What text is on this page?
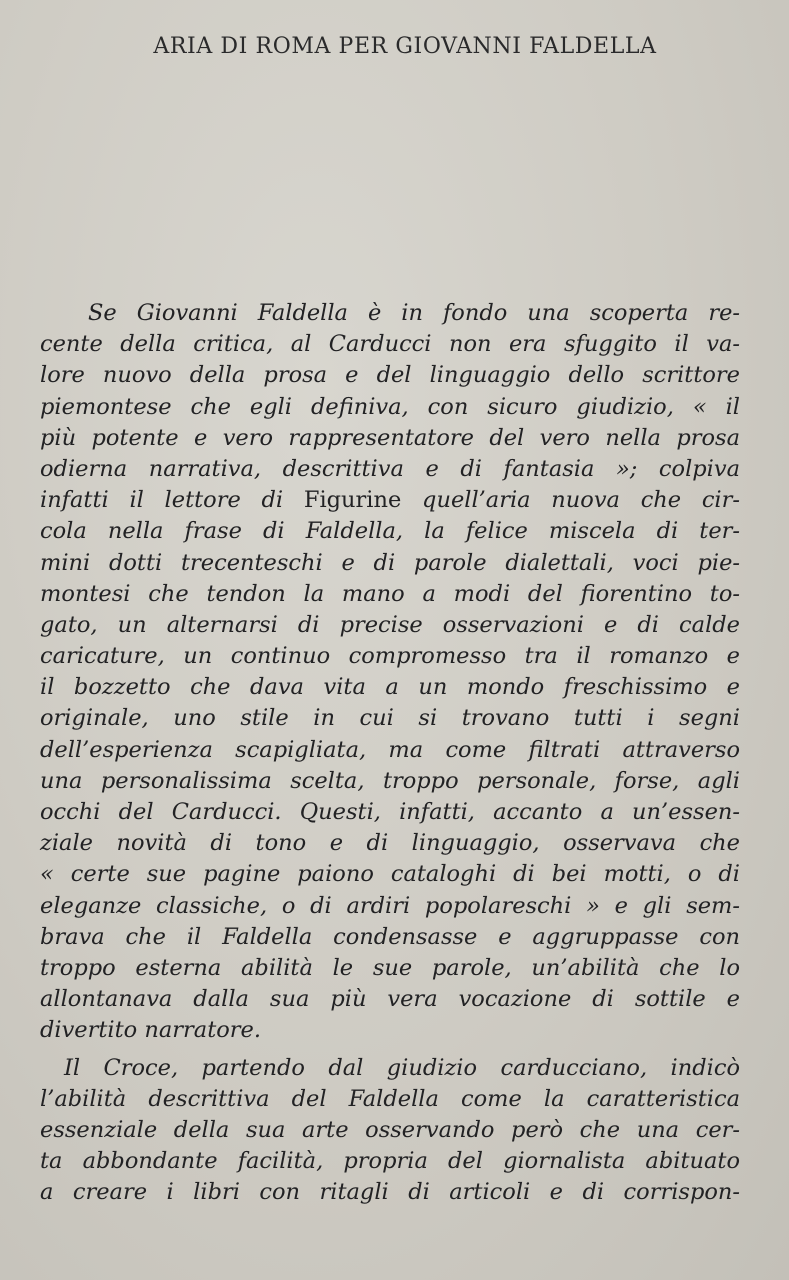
ARIA DI ROMA PER GIOVANNI FALDELLA
Se Giovanni Faldella è in fondo una scoperta re-
cente della critica, al Carducci non era sfuggito il va-
lore nuovo della prosa e del linguaggio dello scrittore
piemontese che egli definiva, con sicuro giudizio, « il
più potente e vero rappresentatore del vero nella prosa
odierna narrativa, descrittiva e di fantasia »; colpiva
infatti il lettore di Figurine quell’aria nuova che cir-
cola nella frase di Faldella, la felice miscela di ter-
mini dotti trecenteschi e di parole dialettali, voci pie-
montesi che tendon la mano a modi del fiorentino to-
gato, un alternarsi di precise osservazioni e di calde
caricature, un continuo compromesso tra il romanzo e
il bozzetto che dava vita a un mondo freschissimo e
originale, uno stile in cui si trovano tutti i segni
dell’esperienza scapigliata, ma come filtrati attraverso
una personalissima scelta, troppo personale, forse, agli
occhi del Carducci. Questi, infatti, accanto a un’essen-
ziale novità di tono e di linguaggio, osservava che
« certe sue pagine paiono cataloghi di bei motti, o di
eleganze classiche, o di ardiri popolareschi » e gli sem-
brava che il Faldella condensasse e aggruppasse con
troppo esterna abilità le sue parole, un’abilità che lo
allontanava dalla sua più vera vocazione di sottile e
divertito narratore.
Il Croce, partendo dal giudizio carducciano, indicò
l’abilità descrittiva del Faldella come la caratteristica
essenziale della sua arte osservando però che una cer-
ta abbondante facilità, propria del giornalista abituato
a creare i libri con ritagli di articoli e di corrispon-
